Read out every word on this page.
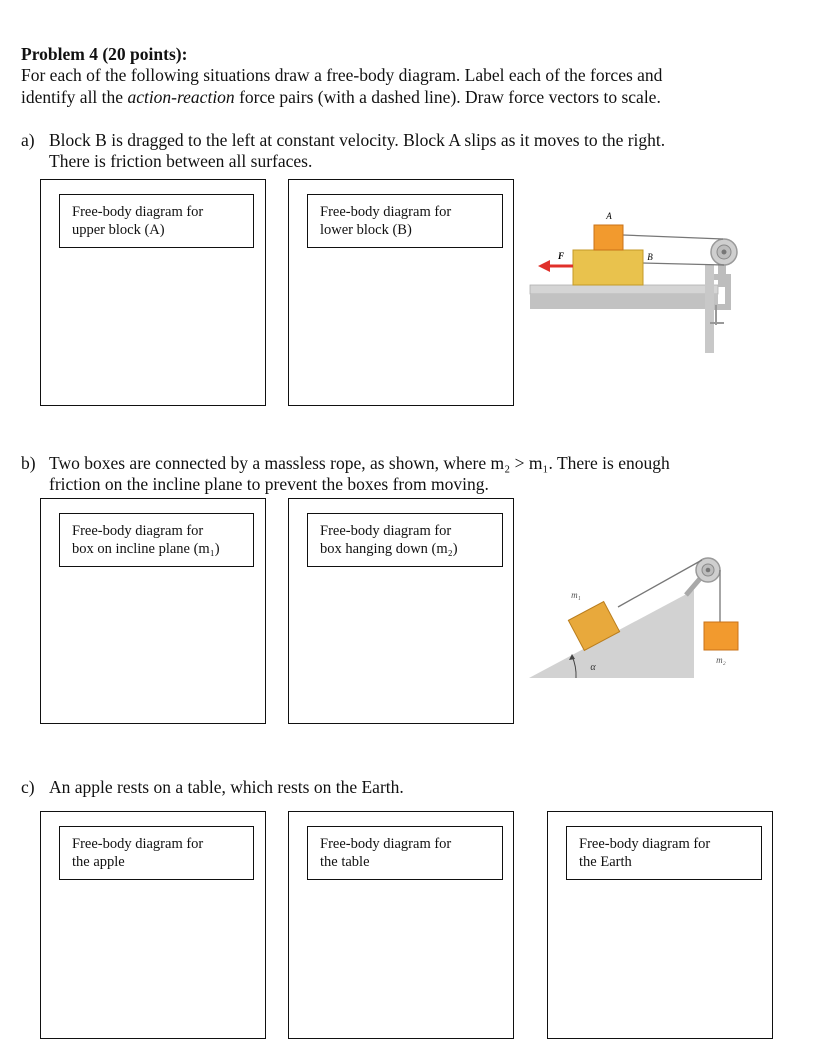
Problem 4 (20 points):
For each of the following situations draw a free-body diagram. Label each of the forces and
identify all the action-reaction force pairs (with a dashed line). Draw force vectors to scale.
a) Block B is dragged to the left at constant velocity. Block A slips as it moves to the right.
There is friction between all surfaces.
Free-body diagram for
upper block (A)
Free-body diagram for
lower block (B)
A
B
F
b) Two boxes are connected by a massless rope, as shown, where m₂ > m₁. There is enough
friction on the incline plane to prevent the boxes from moving.
Free-body diagram for
box on incline plane (m₁)
Free-body diagram for
box hanging down (m₂)
m₁
m₂
α
c) An apple rests on a table, which rests on the Earth.
Free-body diagram for
the apple
Free-body diagram for
the table
Free-body diagram for
the Earth
